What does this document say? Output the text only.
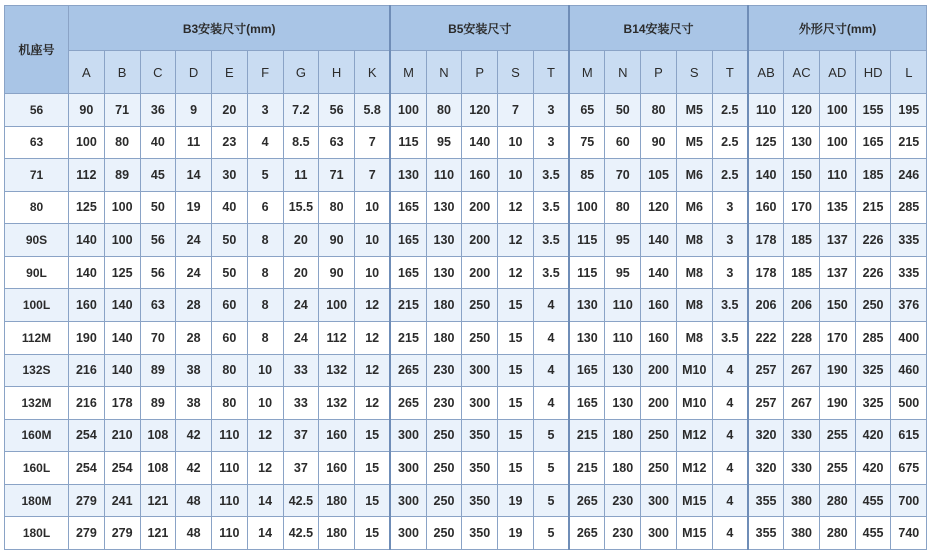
机座号	B3安装尺寸(mm)									B5安装尺寸					B14安装尺寸					外形尺寸(mm)				
	A	B	C	D	E	F	G	H	K	M	N	P	S	T	M	N	P	S	T	AB	AC	AD	HD	L
56	90	71	36	9	20	3	7.2	56	5.8	100	80	120	7	3	65	50	80	M5	2.5	110	120	100	155	195
63	100	80	40	11	23	4	8.5	63	7	115	95	140	10	3	75	60	90	M5	2.5	125	130	100	165	215
71	112	89	45	14	30	5	11	71	7	130	110	160	10	3.5	85	70	105	M6	2.5	140	150	110	185	246
80	125	100	50	19	40	6	15.5	80	10	165	130	200	12	3.5	100	80	120	M6	3	160	170	135	215	285
90S	140	100	56	24	50	8	20	90	10	165	130	200	12	3.5	115	95	140	M8	3	178	185	137	226	335
90L	140	125	56	24	50	8	20	90	10	165	130	200	12	3.5	115	95	140	M8	3	178	185	137	226	335
100L	160	140	63	28	60	8	24	100	12	215	180	250	15	4	130	110	160	M8	3.5	206	206	150	250	376
112M	190	140	70	28	60	8	24	112	12	215	180	250	15	4	130	110	160	M8	3.5	222	228	170	285	400
132S	216	140	89	38	80	10	33	132	12	265	230	300	15	4	165	130	200	M10	4	257	267	190	325	460
132M	216	178	89	38	80	10	33	132	12	265	230	300	15	4	165	130	200	M10	4	257	267	190	325	500
160M	254	210	108	42	110	12	37	160	15	300	250	350	15	5	215	180	250	M12	4	320	330	255	420	615
160L	254	254	108	42	110	12	37	160	15	300	250	350	15	5	215	180	250	M12	4	320	330	255	420	675
180M	279	241	121	48	110	14	42.5	180	15	300	250	350	19	5	265	230	300	M15	4	355	380	280	455	700
180L	279	279	121	48	110	14	42.5	180	15	300	250	350	19	5	265	230	300	M15	4	355	380	280	455	740
